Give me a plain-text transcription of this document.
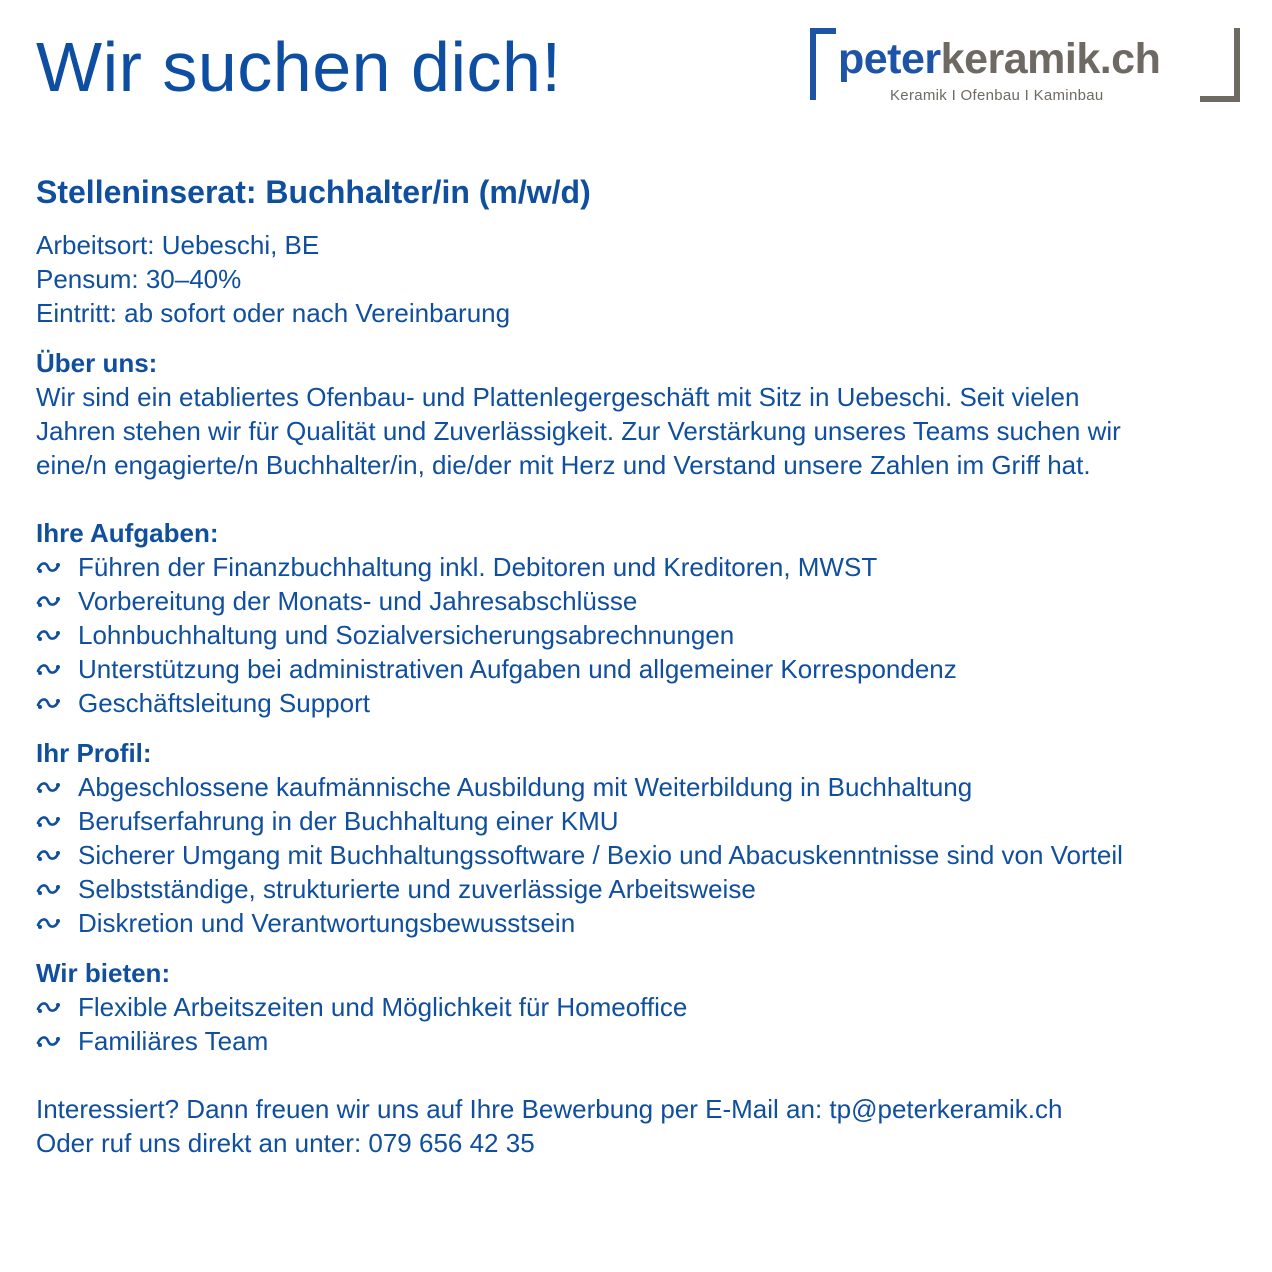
Wir suchen dich!	peterkeramik.ch

Keramik I Ofenbau I Kaminbau
Stelleninserat: Buchhalter/in (m/w/d)

Arbeitsort: Uebeschi, BE

Pensum: 30–40%

Eintritt: ab sofort oder nach Vereinbarung

Über uns:

Wir sind ein etabliertes Ofenbau- und Plattenlegergeschäft mit Sitz in Uebeschi. Seit vielen

Jahren stehen wir für Qualität und Zuverlässigkeit. Zur Verstärkung unseres Teams suchen wir

eine/n engagierte/n Buchhalter/in, die/der mit Herz und Verstand unsere Zahlen im Griff hat.

Ihre Aufgaben:
Führen der Finanzbuchhaltung inkl. Debitoren und Kreditoren, MWST
Vorbereitung der Monats- und Jahresabschlüsse
Lohnbuchhaltung und Sozialversicherungsabrechnungen
Unterstützung bei administrativen Aufgaben und allgemeiner Korrespondenz
Geschäftsleitung Support
Ihr Profil:
Abgeschlossene kaufmännische Ausbildung mit Weiterbildung in Buchhaltung
Berufserfahrung in der Buchhaltung einer KMU
Sicherer Umgang mit Buchhaltungssoftware / Bexio und Abacuskenntnisse sind von Vorteil
Selbstständige, strukturierte und zuverlässige Arbeitsweise
Diskretion und Verantwortungsbewusstsein
Wir bieten:
Flexible Arbeitszeiten und Möglichkeit für Homeoffice
Familiäres Team

Interessiert? Dann freuen wir uns auf Ihre Bewerbung per E-Mail an: tp@peterkeramik.ch

Oder ruf uns direkt an unter: 079 656 42 35
